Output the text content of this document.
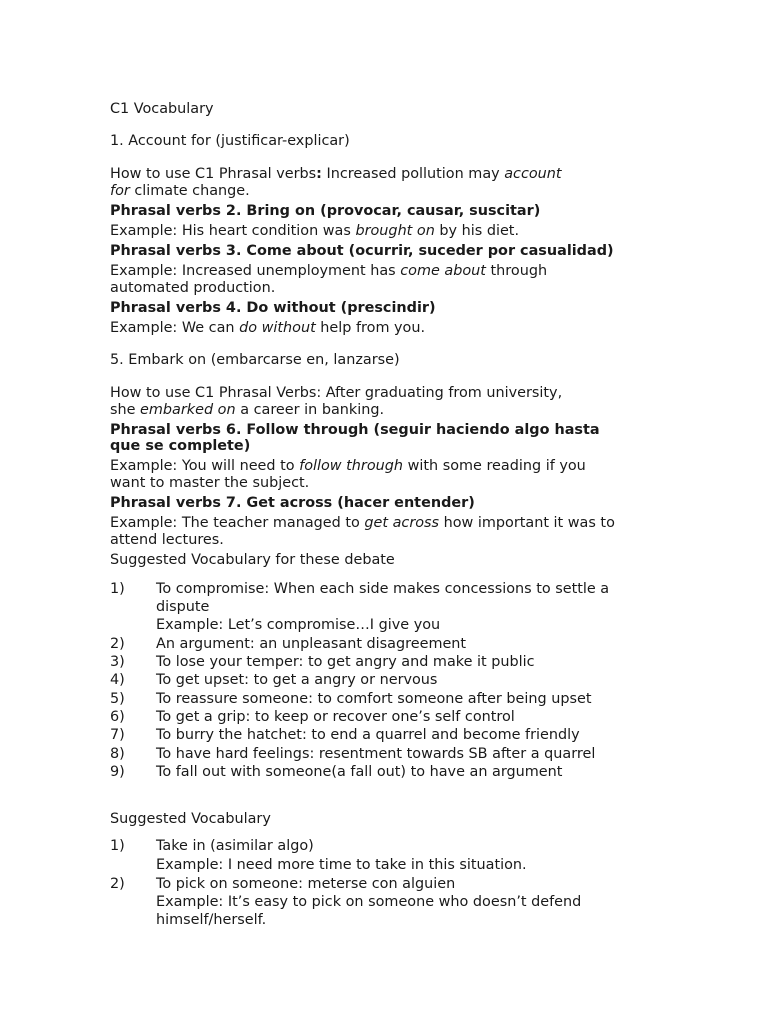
C1 Vocabulary
1. Account for (justificar-explicar)
How to use C1 Phrasal verbs: Increased pollution may account
for climate change.
Phrasal verbs 2. Bring on (provocar, causar, suscitar)
Example: His heart condition was brought on by his diet.
Phrasal verbs 3. Come about (ocurrir, suceder por casualidad)
Example: Increased unemployment has come about through
automated production.
Phrasal verbs 4. Do without (prescindir)
Example: We can do without help from you.
5. Embark on (embarcarse en, lanzarse)
How to use C1 Phrasal Verbs: After graduating from university,
she embarked on a career in banking.
Phrasal verbs 6. Follow through (seguir haciendo algo hasta
que se complete)
Example: You will need to follow through with some reading if you
want to master the subject.
Phrasal verbs 7. Get across (hacer entender)
Example: The teacher managed to get across how important it was to
attend lectures.
Suggested Vocabulary for these debate
1)	To compromise: When each side makes concessions to settle a
dispute
Example: Let’s compromise…I give you
2)	An argument: an unpleasant disagreement
3)	To lose your temper: to get angry and make it public
4)	To get upset: to get a angry or nervous
5)	To reassure someone: to comfort someone after being upset
6)	To get a grip: to keep or recover one’s self control
7)	To burry the hatchet: to end a quarrel and become friendly
8)	To have hard feelings: resentment towards SB after a quarrel
9)	To fall out with someone(a fall out) to have an argument
Suggested Vocabulary
1)	Take in (asimilar algo)
Example: I need more time to take in this situation.
2)	To pick on someone: meterse con alguien
Example: It’s easy to pick on someone who doesn’t defend
himself/herself.
